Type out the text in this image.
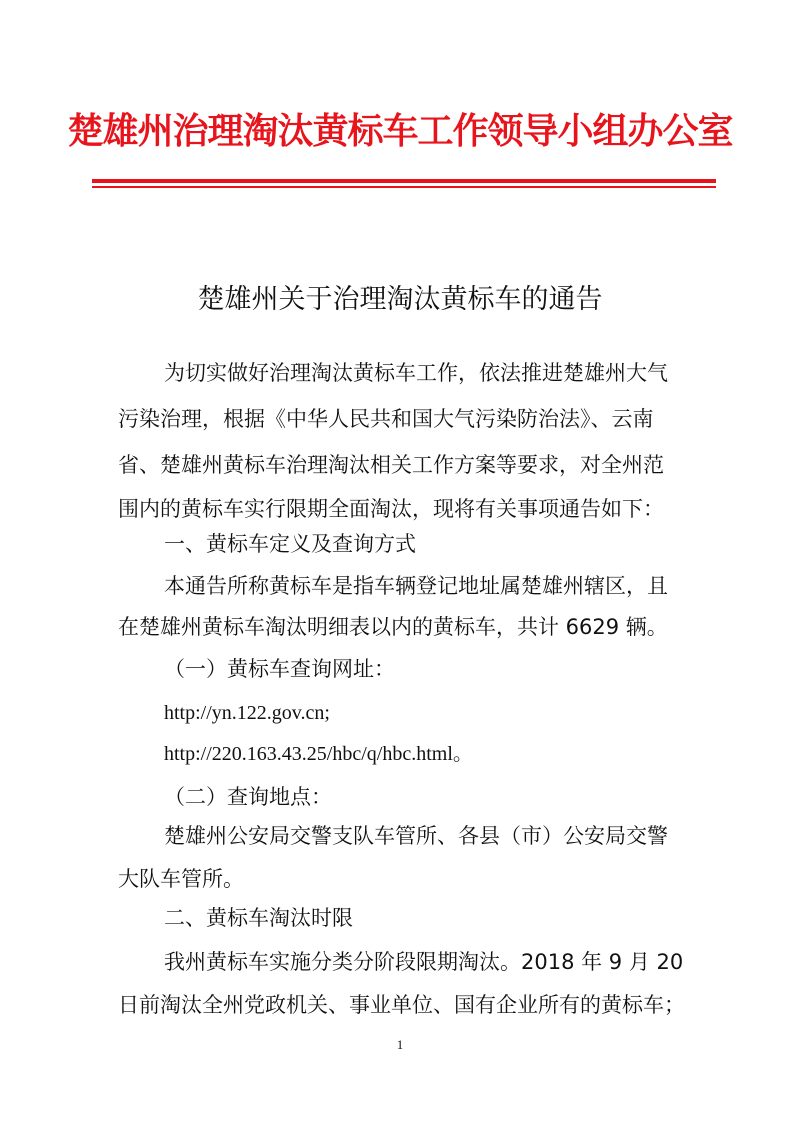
楚雄州治理淘汰黄标车工作领导小组办公室
楚雄州关于治理淘汰黄标车的通告
为切实做好治理淘汰黄标车工作，依法推进楚雄州大气
污染治理，根据《中华人民共和国大气污染防治法》、云南
省、楚雄州黄标车治理淘汰相关工作方案等要求，对全州范
围内的黄标车实行限期全面淘汰，现将有关事项通告如下：
一、黄标车定义及查询方式
本通告所称黄标车是指车辆登记地址属楚雄州辖区，且
在楚雄州黄标车淘汰明细表以内的黄标车，共计 6629 辆。
（一）黄标车查询网址：
http://yn.122.gov.cn;
http://220.163.43.25/hbc/q/hbc.html。
（二）查询地点：
楚雄州公安局交警支队车管所、各县（市）公安局交警
大队车管所。
二、黄标车淘汰时限
我州黄标车实施分类分阶段限期淘汰。2018 年 9 月 20
日前淘汰全州党政机关、事业单位、国有企业所有的黄标车；
1
